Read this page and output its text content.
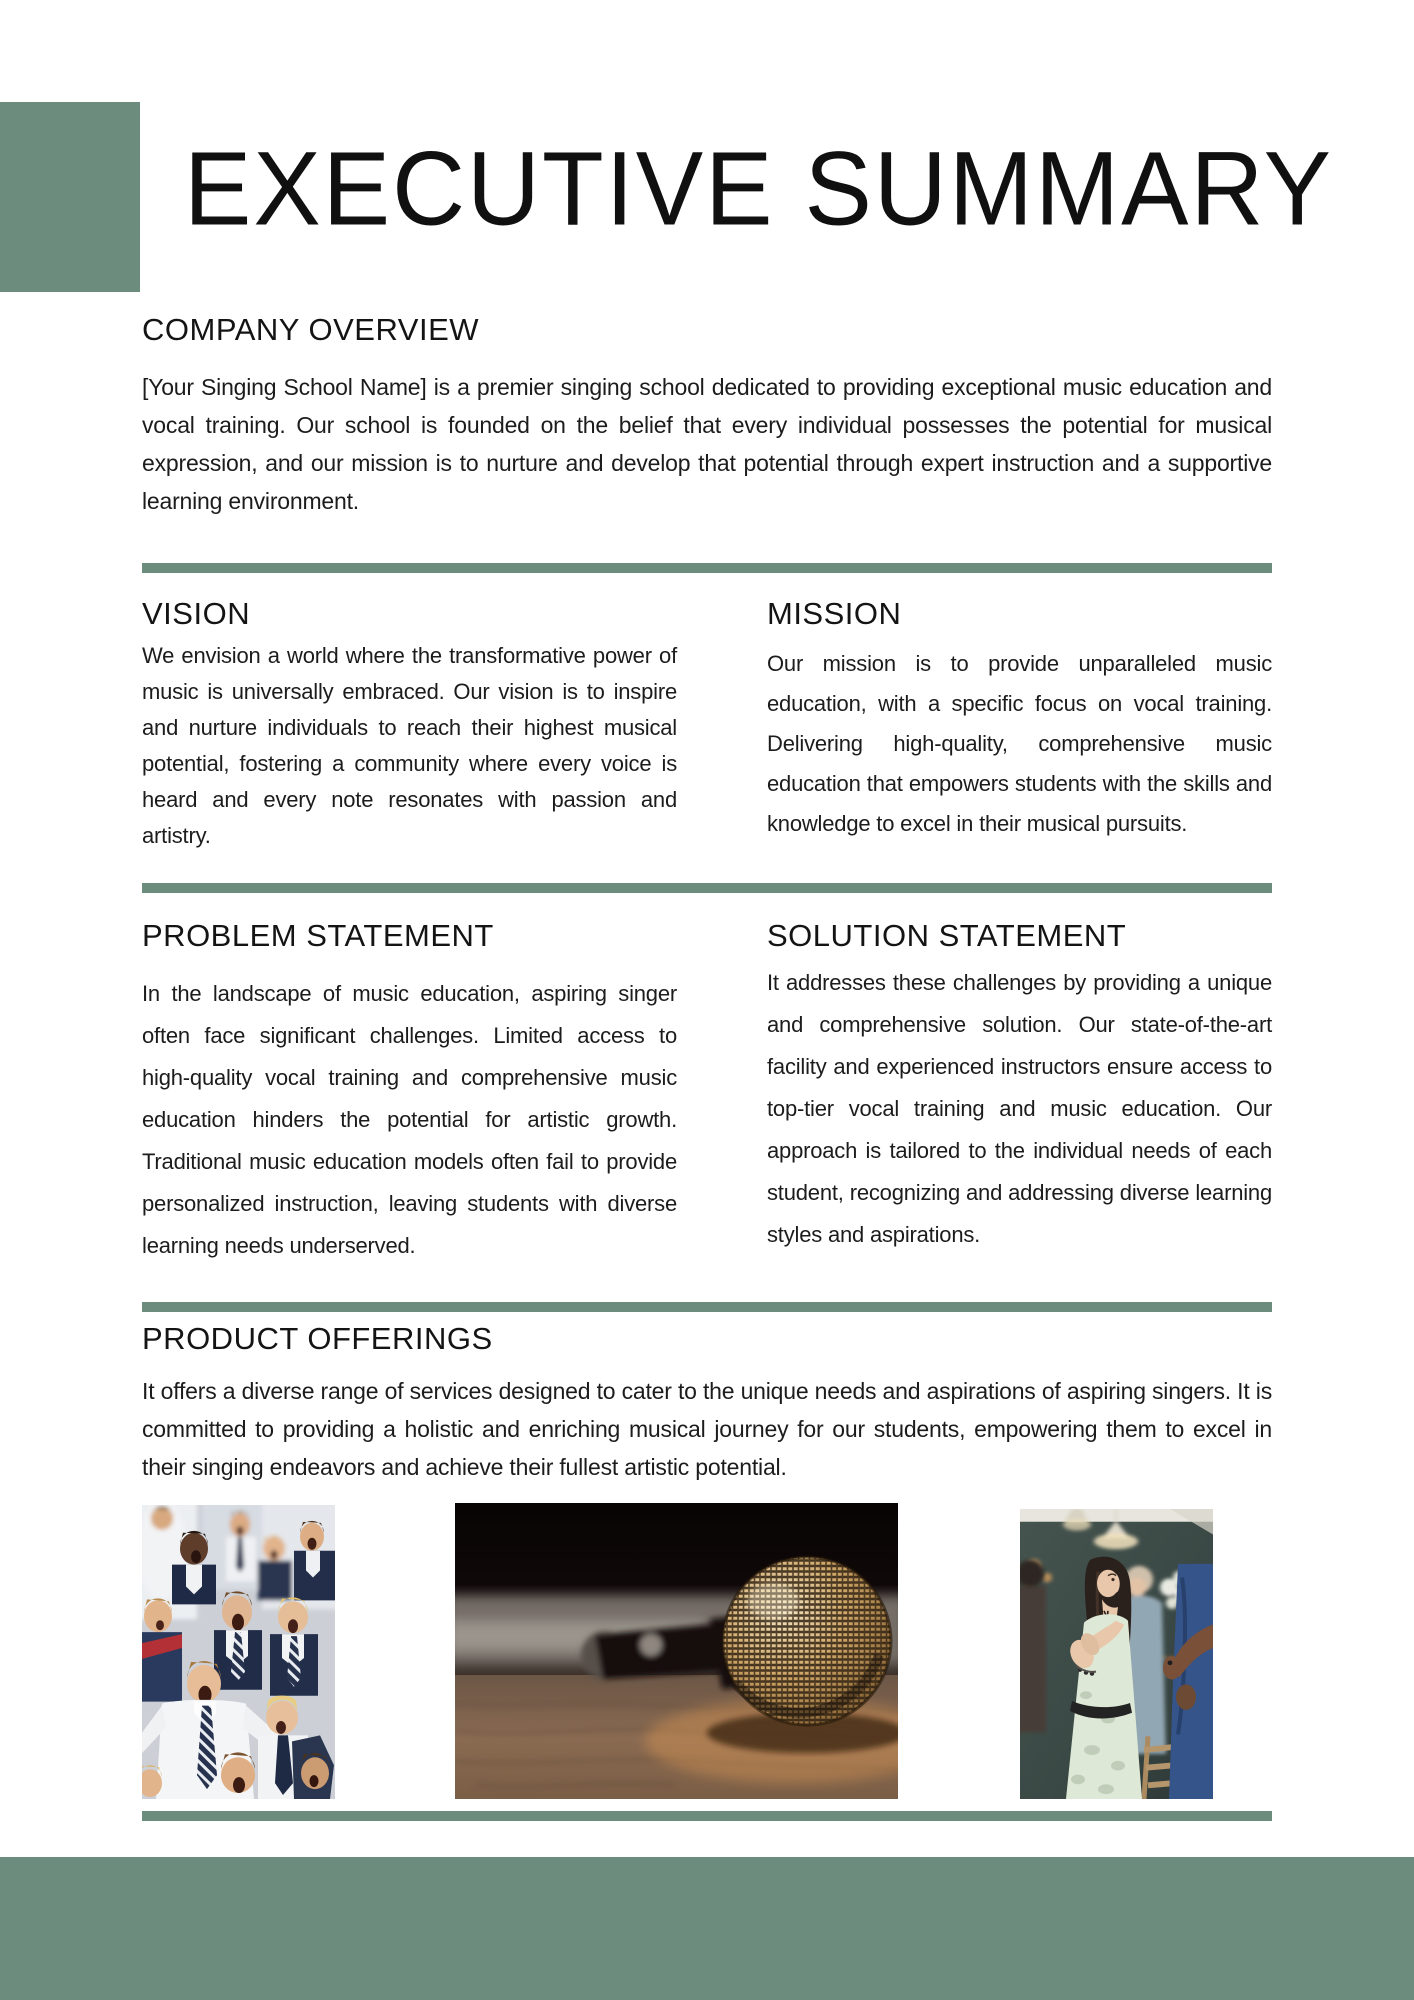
EXECUTIVE SUMMARY
COMPANY OVERVIEW
[Your Singing School Name] is a premier singing school dedicated to providing exceptional music education and vocal training. Our school is founded on the belief that every individual possesses the potential for musical expression, and our mission is to nurture and develop that potential through expert instruction and a supportive learning environment.
VISION
We envision a world where the transformative power of music is universally embraced. Our vision is to inspire and nurture individuals to reach their highest musical potential, fostering a community where every voice is heard and every note resonates with passion and artistry.
MISSION
Our mission is to provide unparalleled music education, with a specific focus on vocal training. Delivering high-quality, comprehensive music education that empowers students with the skills and knowledge to excel in their musical pursuits.
PROBLEM STATEMENT
In the landscape of music education, aspiring singer often face significant challenges. Limited access to high-quality vocal training and comprehensive music education hinders the potential for artistic growth. Traditional music education models often fail to provide personalized instruction, leaving students with diverse learning needs underserved.
SOLUTION STATEMENT
It addresses these challenges by providing a unique and comprehensive solution. Our state-of-the-art facility and experienced instructors ensure access to top-tier vocal training and music education. Our approach is tailored to the individual needs of each student, recognizing and addressing diverse learning styles and aspirations.
PRODUCT OFFERINGS
It offers a diverse range of services designed to cater to the unique needs and aspirations of aspiring singers. It is committed to providing a holistic and enriching musical journey for our students, empowering them to excel in their singing endeavors and achieve their fullest artistic potential.
